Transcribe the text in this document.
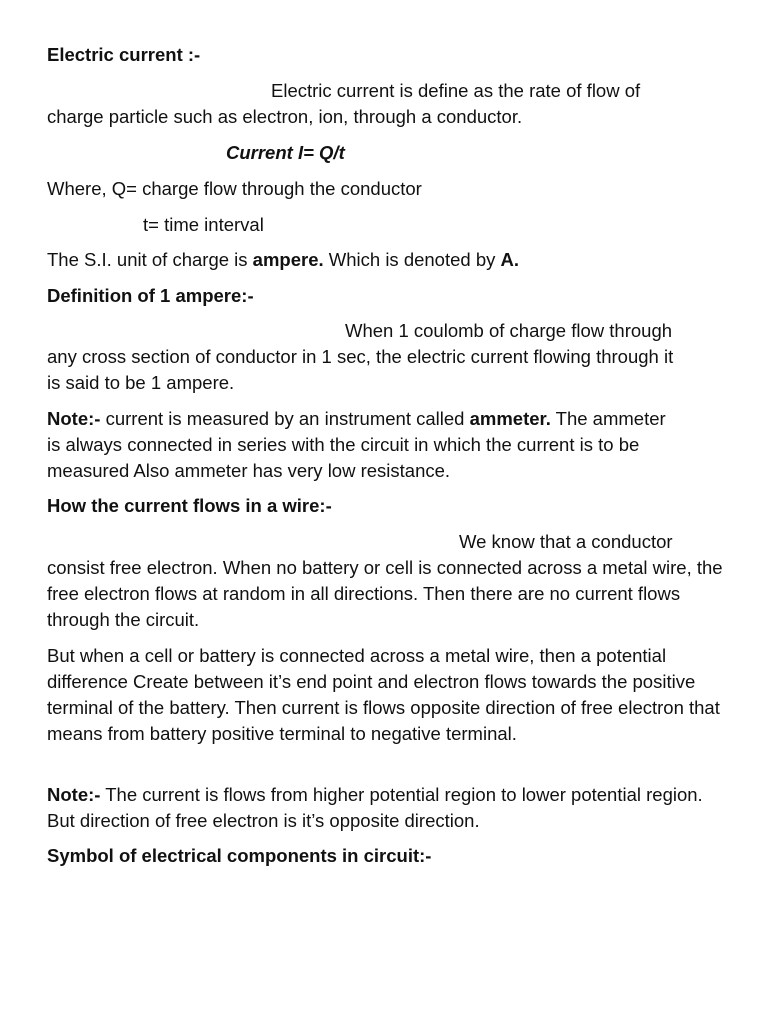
Electric current :-

Electric current is define as the rate of flow of

charge particle such as electron, ion, through a conductor.

Current I= Q/t

Where, Q= charge flow through the conductor

t= time interval

The S.I. unit of charge is ampere. Which is denoted by A.

Definition of 1 ampere:-

When 1 coulomb of charge flow through

any cross section of conductor in 1 sec, the electric current flowing through it is said to be 1 ampere.

Note:- current is measured by an instrument called ammeter. The ammeter is always connected in series with the circuit in which the current is to be measured Also ammeter has very low resistance.

How the current flows in a wire:-

We know that a conductor

consist free electron. When no battery or cell is connected across a metal wire, the free electron flows at random in all directions. Then there are no current flows through the circuit.

But when a cell or battery is connected across a metal wire, then a potential difference Create between it’s end point and electron flows towards the positive terminal of the battery. Then current is flows opposite direction of free electron that means from battery positive terminal to negative terminal.

Note:- The current is flows from higher potential region to lower potential region. But direction of free electron is it’s opposite direction.

Symbol of electrical components in circuit:-
